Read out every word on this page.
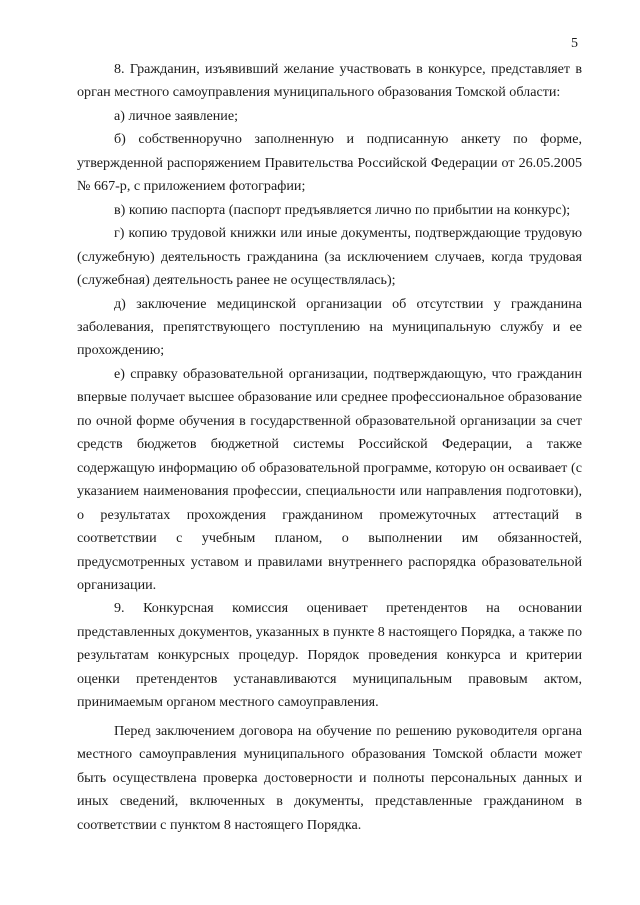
5

8. Гражданин, изъявивший желание участвовать в конкурсе, представляет в орган местного самоуправления муниципального образования Томской области:

а) личное заявление;

б) собственноручно заполненную и подписанную анкету по форме, утвержденной распоряжением Правительства Российской Федерации от 26.05.2005 № 667-р, с приложением фотографии;

в) копию паспорта (паспорт предъявляется лично по прибытии на конкурс);

г) копию трудовой книжки или иные документы, подтверждающие трудовую (служебную) деятельность гражданина (за исключением случаев, когда трудовая (служебная) деятельность ранее не осуществлялась);

д) заключение медицинской организации об отсутствии у гражданина заболевания, препятствующего поступлению на муниципальную службу и ее прохождению;

е) справку образовательной организации, подтверждающую, что гражданин впервые получает высшее образование или среднее профессиональное образование по очной форме обучения в государственной образовательной организации за счет средств бюджетов бюджетной системы Российской Федерации, а также содержащую информацию об образовательной программе, которую он осваивает (с указанием наименования профессии, специальности или направления подготовки), о результатах прохождения гражданином промежуточных аттестаций в соответствии с учебным планом, о выполнении им обязанностей, предусмотренных уставом и правилами внутреннего распорядка образовательной организации.

9. Конкурсная комиссия оценивает претендентов на основании представленных документов, указанных в пункте 8 настоящего Порядка, а также по результатам конкурсных процедур. Порядок проведения конкурса и критерии оценки претендентов устанавливаются муниципальным правовым актом, принимаемым органом местного самоуправления.

Перед заключением договора на обучение по решению руководителя органа местного самоуправления муниципального образования Томской области может быть осуществлена проверка достоверности и полноты персональных данных и иных сведений, включенных в документы, представленные гражданином в соответствии с пунктом 8 настоящего Порядка.
